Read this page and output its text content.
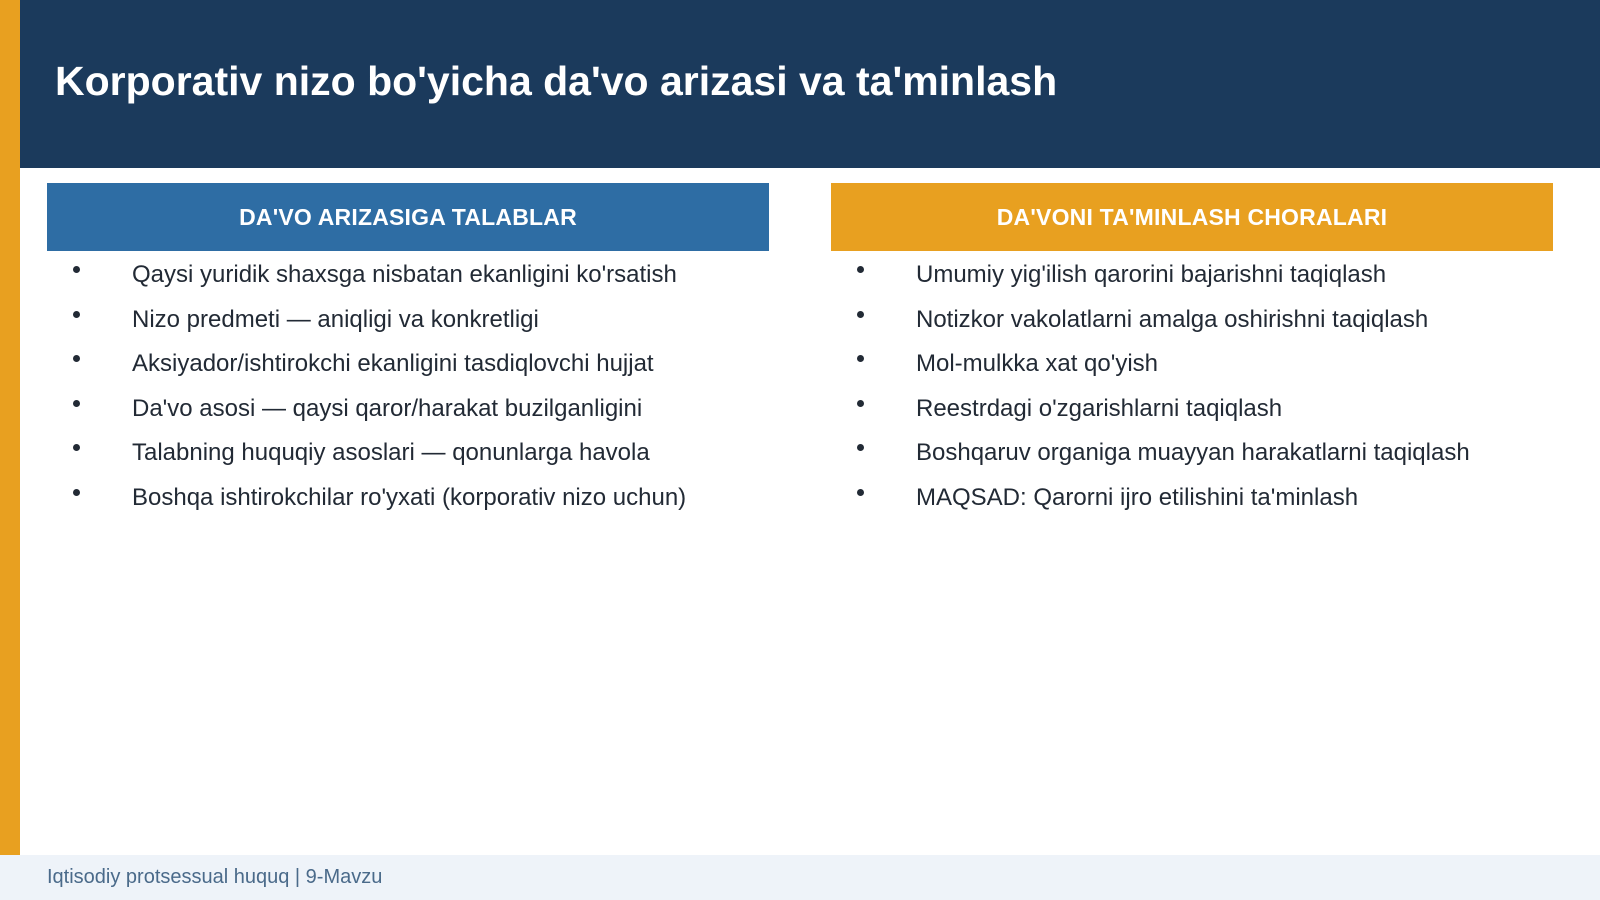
Korporativ nizo bo'yicha da'vo arizasi va ta'minlash
DA'VO ARIZASIGA TALABLAR
Qaysi yuridik shaxsga nisbatan ekanligini ko'rsatish
Nizo predmeti — aniqligi va konkretligi
Aksiyador/ishtirokchi ekanligini tasdiqlovchi hujjat
Da'vo asosi — qaysi qaror/harakat buzilganligini
Talabning huquqiy asoslari — qonunlarga havola
Boshqa ishtirokchilar ro'yxati (korporativ nizo uchun)
DA'VONI TA'MINLASH CHORALARI
Umumiy yig'ilish qarorini bajarishni taqiqlash
Notizkor vakolatlarni amalga oshirishni taqiqlash
Mol-mulkka xat qo'yish
Reestrdagi o'zgarishlarni taqiqlash
Boshqaruv organiga muayyan harakatlarni taqiqlash
MAQSAD: Qarorni ijro etilishini ta'minlash
Iqtisodiy protsessual huquq | 9-Mavzu
